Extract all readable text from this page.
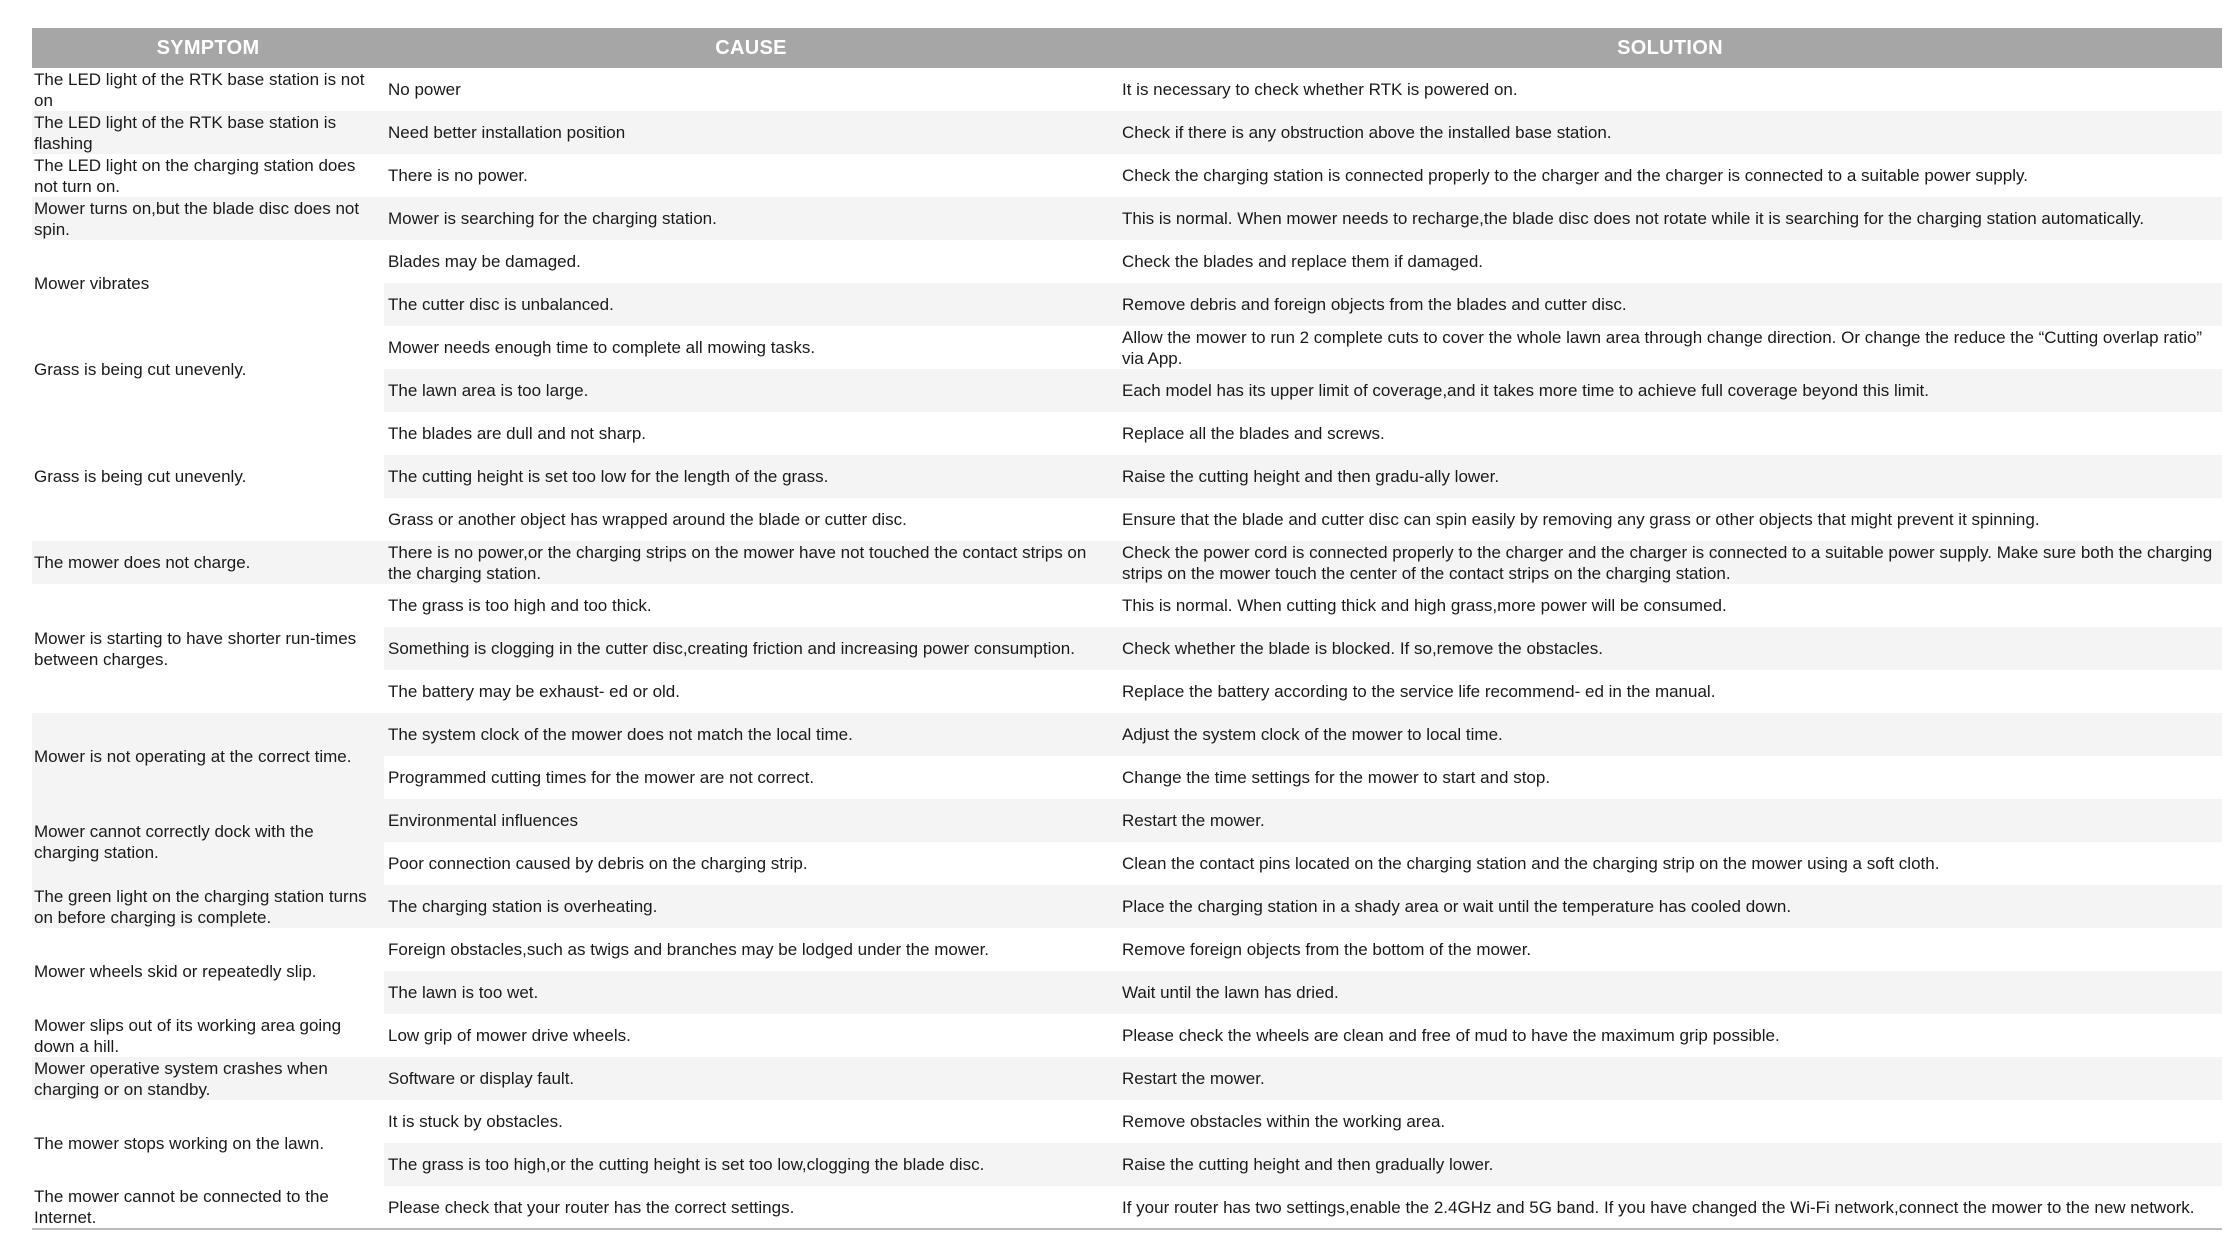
SYMPTOM	CAUSE	SOLUTION
The LED light of the RTK base station is not on	No power	It is necessary to check whether RTK is powered on.
The LED light of the RTK base station is flashing	Need better installation position	Check if there is any obstruction above the installed base station.
The LED light on the charging station does not turn on.	There is no power.	Check the charging station is connected properly to the charger and the charger is connected to a suitable power supply.
Mower turns on,but the blade disc does not spin.	Mower is searching for the charging station.	This is normal. When mower needs to recharge,the blade disc does not rotate while it is searching for the charging station automatically.
Mower vibrates	Blades may be damaged.	Check the blades and replace them if damaged.
	The cutter disc is unbalanced.	Remove debris and foreign objects from the blades and cutter disc.
Grass is being cut unevenly.	Mower needs enough time to complete all mowing tasks.	Allow the mower to run 2 complete cuts to cover the whole lawn area through change direction. Or change the reduce the “Cutting overlap ratio” via App.
	The lawn area is too large.	Each model has its upper limit of coverage,and it takes more time to achieve full coverage beyond this limit.
Grass is being cut unevenly.	The blades are dull and not sharp.	Replace all the blades and screws.
	The cutting height is set too low for the length of the grass.	Raise the cutting height and then gradu-ally lower.
	Grass or another object has wrapped around the blade or cutter disc.	Ensure that the blade and cutter disc can spin easily by removing any grass or other objects that might prevent it spinning.
The mower does not charge.	There is no power,or the charging strips on the mower have not touched the contact strips on the charging station.	Check the power cord is connected properly to the charger and the charger is connected to a suitable power supply. Make sure both the charging strips on the mower touch the center of the contact strips on the charging station.
Mower is starting to have shorter run-times between charges.	The grass is too high and too thick.	This is normal. When cutting thick and high grass,more power will be consumed.
	Something is clogging in the cutter disc,creating friction and increasing power consumption.	Check whether the blade is blocked. If so,remove the obstacles.
	The battery may be exhaust- ed or old.	Replace the battery according to the service life recommend- ed in the manual.
Mower is not operating at the correct time.	The system clock of the mower does not match the local time.	Adjust the system clock of the mower to local time.
	Programmed cutting times for the mower are not correct.	Change the time settings for the mower to start and stop.
Mower cannot correctly dock with the charging station.	Environmental influences	Restart the mower.
	Poor connection caused by debris on the charging strip.	Clean the contact pins located on the charging station and the charging strip on the mower using a soft cloth.
The green light on the charging station turns on before charging is complete.	The charging station is overheating.	Place the charging station in a shady area or wait until the temperature has cooled down.
Mower wheels skid or repeatedly slip.	Foreign obstacles,such as twigs and branches may be lodged under the mower.	Remove foreign objects from the bottom of the mower.
	The lawn is too wet.	Wait until the lawn has dried.
Mower slips out of its working area going down a hill.	Low grip of mower drive wheels.	Please check the wheels are clean and free of mud to have the maximum grip possible.
Mower operative system crashes when charging or on standby.	Software or display fault.	Restart the mower.
The mower stops working on the lawn.	It is stuck by obstacles.	Remove obstacles within the working area.
	The grass is too high,or the cutting height is set too low,clogging the blade disc.	Raise the cutting height and then gradually lower.
The mower cannot be connected to the Internet.	Please check that your router has the correct settings.	If your router has two settings,enable the 2.4GHz and 5G band. If you have changed the Wi-Fi network,connect the mower to the new network.
